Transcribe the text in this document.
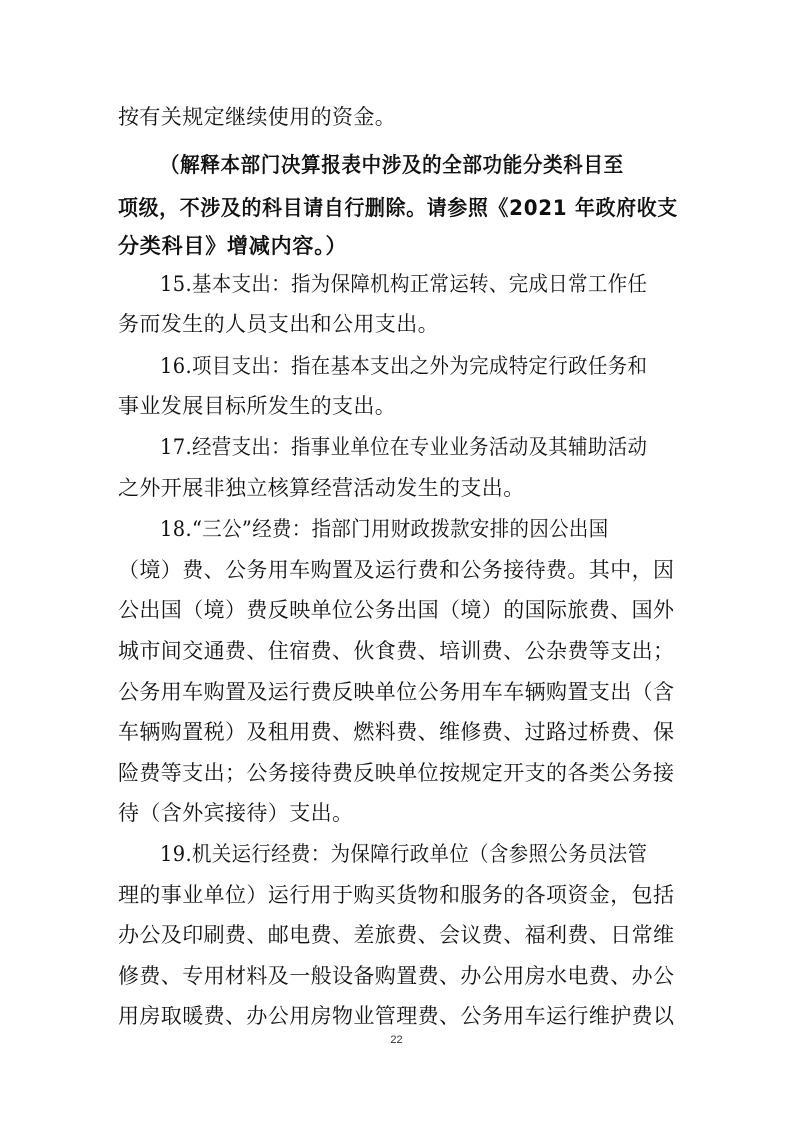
按有关规定继续使用的资金。
（解释本部门决算报表中涉及的全部功能分类科目至
项级，不涉及的科目请自行删除。请参照《2021 年政府收支
分类科目》增减内容。）
15.基本支出：指为保障机构正常运转、完成日常工作任
务而发生的人员支出和公用支出。
16.项目支出：指在基本支出之外为完成特定行政任务和
事业发展目标所发生的支出。
17.经营支出：指事业单位在专业业务活动及其辅助活动
之外开展非独立核算经营活动发生的支出。
18.“三公”经费：指部门用财政拨款安排的因公出国
（境）费、公务用车购置及运行费和公务接待费。其中，因
公出国（境）费反映单位公务出国（境）的国际旅费、国外
城市间交通费、住宿费、伙食费、培训费、公杂费等支出；
公务用车购置及运行费反映单位公务用车车辆购置支出（含
车辆购置税）及租用费、燃料费、维修费、过路过桥费、保
险费等支出；公务接待费反映单位按规定开支的各类公务接
待（含外宾接待）支出。
19.机关运行经费：为保障行政单位（含参照公务员法管
理的事业单位）运行用于购买货物和服务的各项资金，包括
办公及印刷费、邮电费、差旅费、会议费、福利费、日常维
修费、专用材料及一般设备购置费、办公用房水电费、办公
用房取暖费、办公用房物业管理费、公务用车运行维护费以
22
